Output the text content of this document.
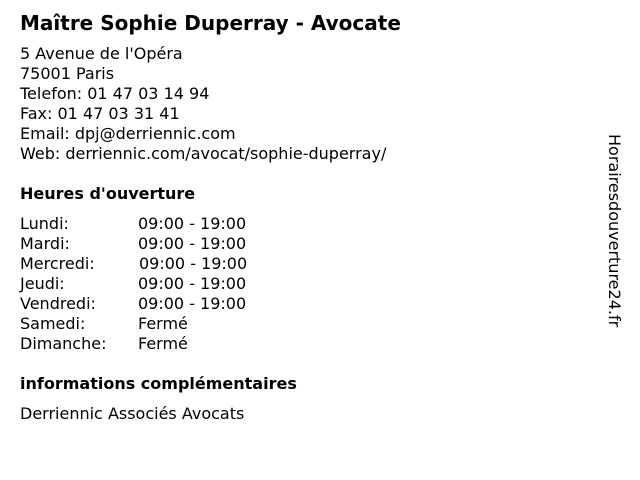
Maître Sophie Duperray - Avocate
5 Avenue de l'Opéra
75001 Paris
Telefon: 01 47 03 14 94
Fax: 01 47 03 31 41
Email: dpj@derriennic.com
Web: derriennic.com/avocat/sophie-duperray/
Heures d'ouverture
Lundi:	09:00 - 19:00
Mardi:	09:00 - 19:00
Mercredi:	09:00 - 19:00
Jeudi:	09:00 - 19:00
Vendredi:	09:00 - 19:00
Samedi:	Fermé
Dimanche: Fermé
informations complémentaires
Derriennic Associés Avocats
Horairesdouverture24.fr
